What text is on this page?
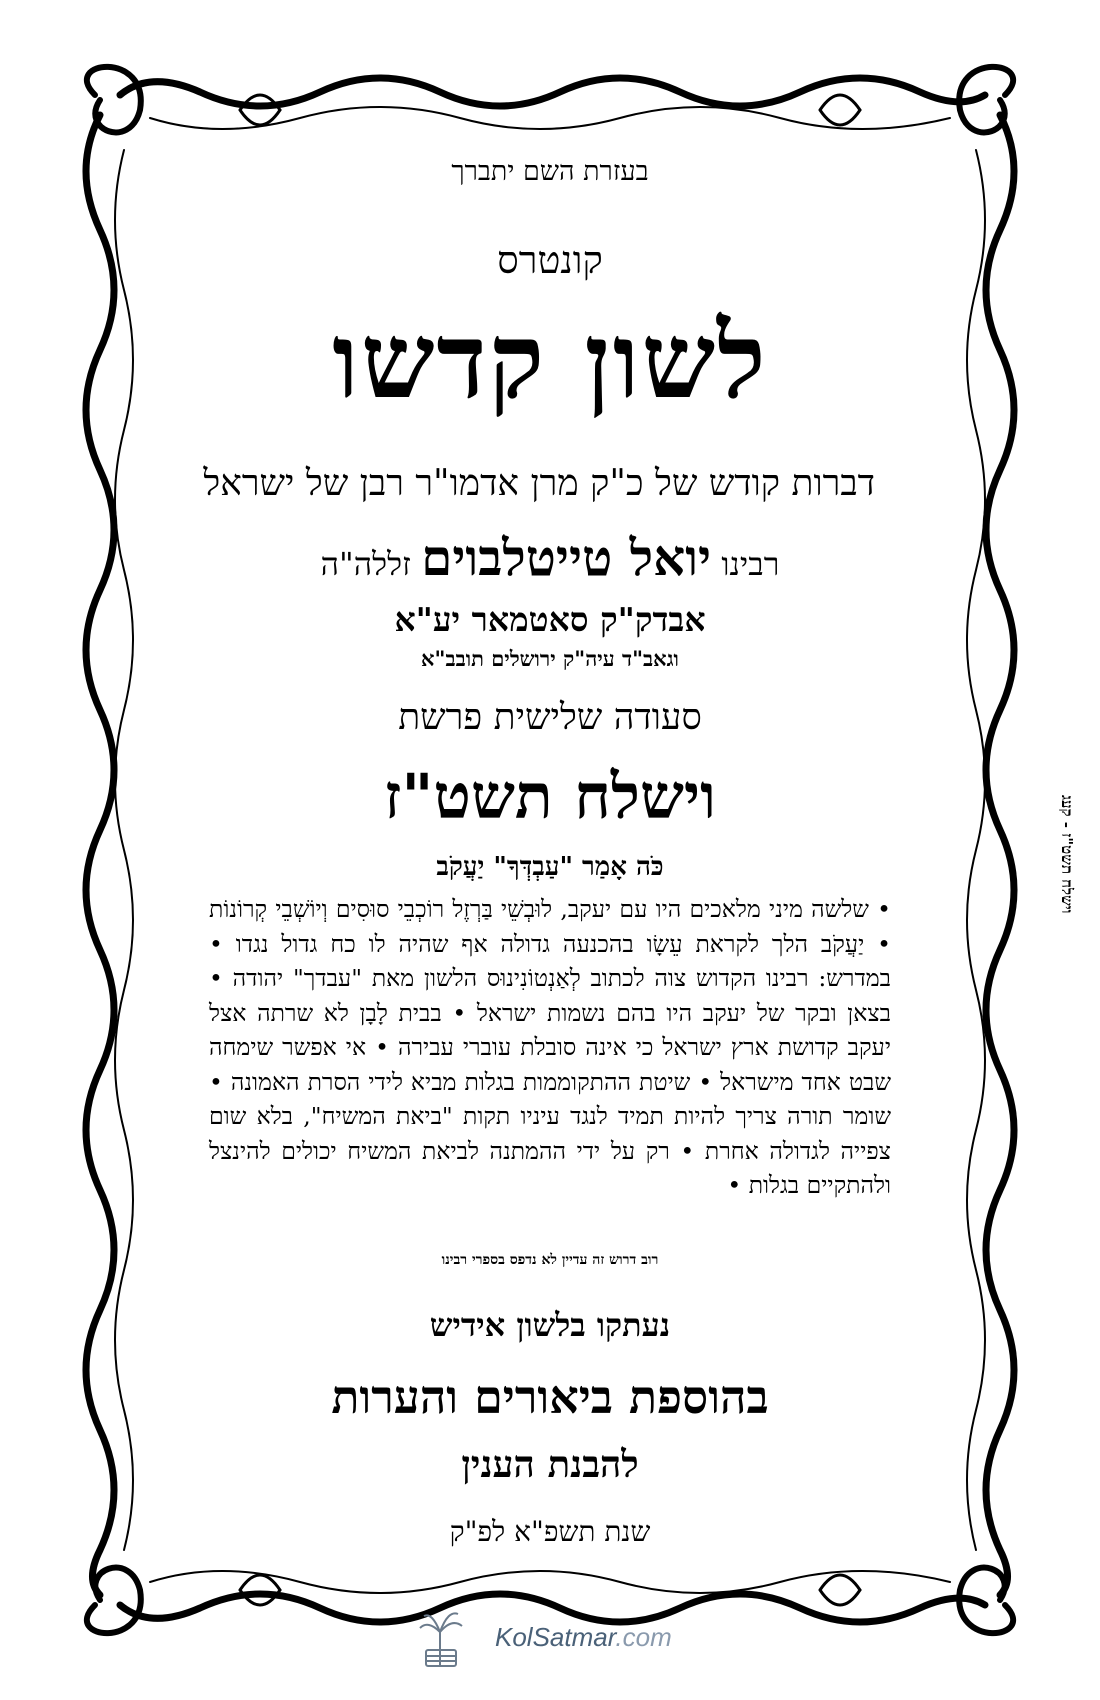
בעזרת השם יתברך
קונטרס
לשון קדשו
דברות קודש של כ"ק מרן אדמו"ר רבן של ישראל
רבינו יואל טייטלבוים זללה"ה
אבדק"ק סאטמאר יע"א
וגאב"ד עיה"ק ירושלים תובב"א
סעודה שלישית פרשת
וישלח תשט"ז
כֹּה אָמַר "עַבְדְּךָ" יַעֲקֹב
• שלשה מיני מלאכים היו עם יעקב, לוּבְשֵׁי בַּרְזֶל רוֹכְבֵי סוּסִים וְיוֹשְׁבֵי קְרוֹנוֹת • יַעֲקֹב הלך לקראת עֵשָׂו בהכנעה גדולה אף שהיה לו כח גדול נגדו • במדרש: רבינו הקדוש צוה לכתוב לְאַנְטוֹנִינוּס הלשון מאת "עבדך" יהודה • בצאן ובקר של יעקב היו בהם נשמות ישראל • בבית לָבָן לא שרתה אצל יעקב קדושת ארץ ישראל כי אינה סובלת עוברי עבירה • אי אפשר שימחה שבט אחד מישראל • שיטת ההתקוממות בגלות מביא לידי הסרת האמונה • שומר תורה צריך להיות תמיד לנגד עיניו תקות "ביאת המשיח", בלא שום צפייה לגדולה אחרת • רק על ידי ההמתנה לביאת המשיח יכולים להינצל ולהתקיים בגלות •
רוב דרוש זה עדיין לא נדפס בספרי רבינו
נעתקו בלשון אידיש
בהוספת ביאורים והערות
להבנת הענין
שנת תשפ"א לפ"ק
וישלח תשט"ז - קעג
KolSatmar.com
